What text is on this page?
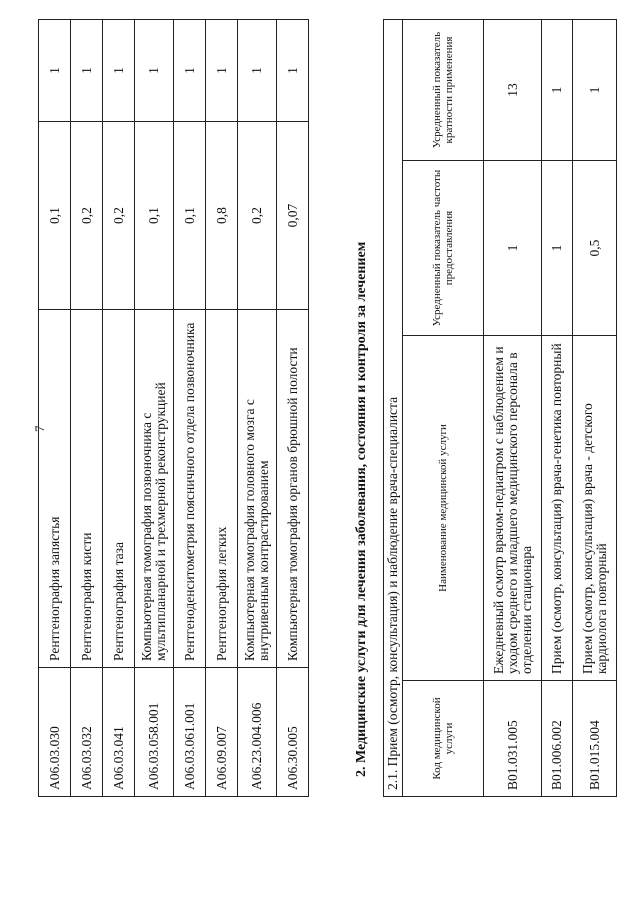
7
А06.03.030	Рентгенография запястья	0,1	1
А06.03.032	Рентгенография кисти	0,2	1
А06.03.041	Рентгенография таза	0,2	1
А06.03.058.001	Компьютерная томография позвоночника с мультипланарной и трехмерной реконструкцией	0,1	1
А06.03.061.001	Рентгеноденситометрия поясничного отдела позвоночника	0,1	1
А06.09.007	Рентгенография легких	0,8	1
А06.23.004.006	Компьютерная томография головного мозга с внутривенным контрастированием	0,2	1
А06.30.005	Компьютерная томография органов брюшной полости	0,07	1
2. Медицинские услуги для лечения заболевания, состояния и контроля за лечением 2.1. Прием (осмотр, консультация) и наблюдение врача-специалиста			
Код медицинской услуги	Наименование медицинской услуги	Усредненный показатель частоты предоставления	Усредненный показатель кратности применения
В01.031.005	Ежедневный осмотр врачом-педиатром с наблюдением и уходом среднего и младшего медицинского персонала в отделении стационара	1	13
В01.006.002	Прием (осмотр, консультация) врача-генетика повторный	1	1
В01.015.004	Прием (осмотр, консультация) врача - детского кардиолога повторный	0,5	1
